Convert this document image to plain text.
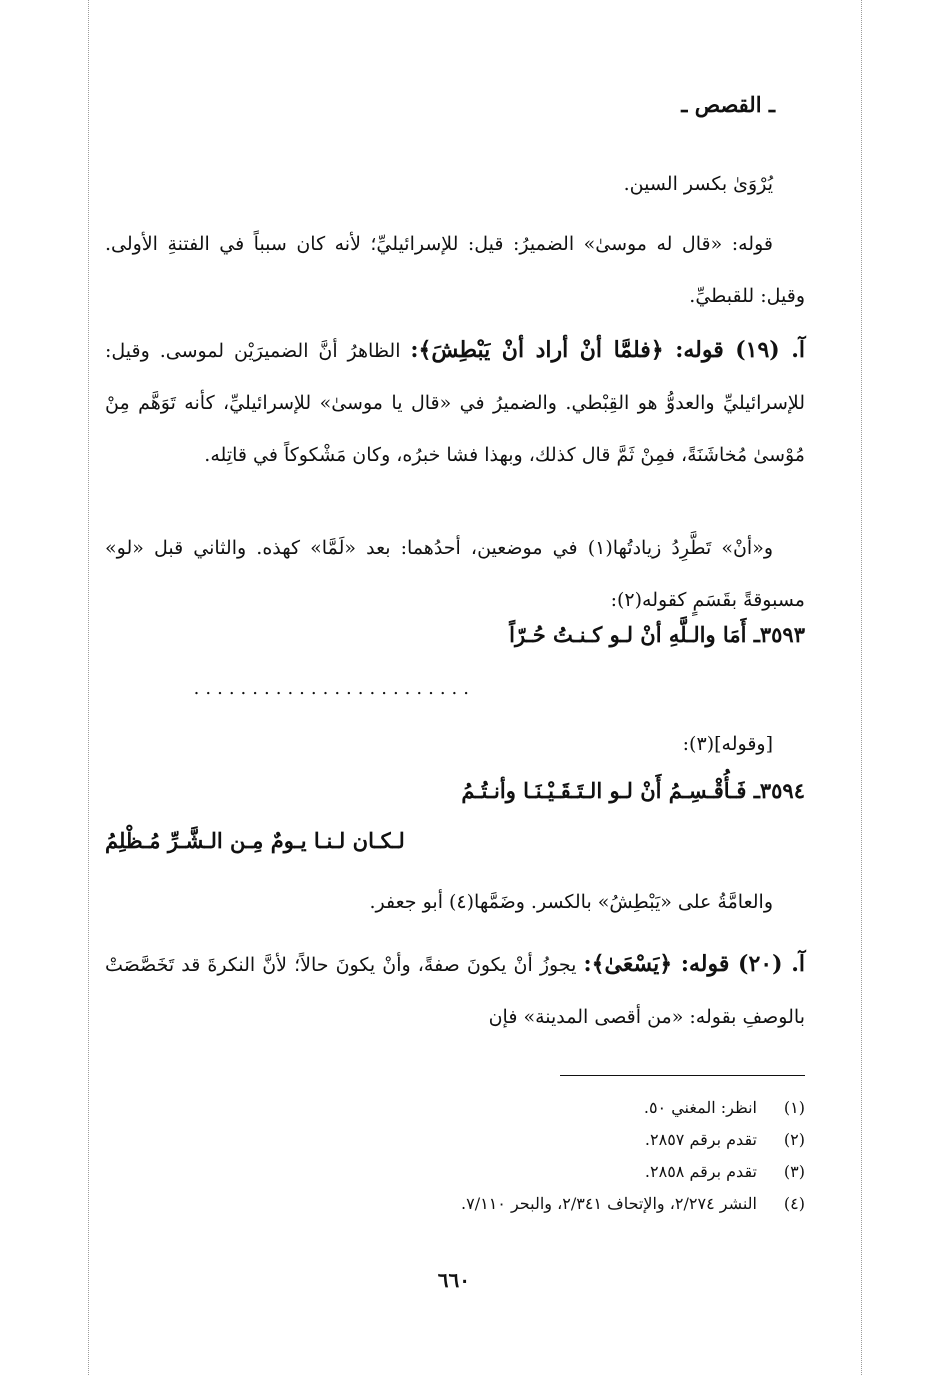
ـ القصص ـ
يُرْوَىٰ بكسر السين.
قوله: «قال له موسىٰ» الضميرُ: قيل: للإسرائيليِّ؛ لأنه كان سبباً في الفتنةِ الأولى. وقيل: للقبطيِّ.
آ. (١٩) قوله: ﴿فلمَّا أنْ أراد أنْ يَبْطِشَ﴾: الظاهرُ أنَّ الضميرَيْن لموسى. وقيل: للإسرائيليِّ والعدوُّ هو القِبْطي. والضميرُ في «قال يا موسىٰ» للإسرائيليِّ، كأنه تَوَهَّم مِنْ مُوْسىٰ مُخاشَنَةً، فمِنْ ثَمَّ قال كذلك، وبهذا فشا خبرُه، وكان مَشْكوكاً في قاتِله.
و«أنْ» تَطَّرِدُ زيادتُها(١) في موضعين، أحدُهما: بعد «لَمَّا» كهذه. والثاني قبل «لو» مسبوقةً بقَسَمٍ كقوله(٢):
٣٥٩٣ـ أَمَا والـلَّهِ أنْ لـو كـنـتُ حُـرّاً
........................
[وقوله](٣):
٣٥٩٤ـ فَـأُقْـسِـمُ أَنْ لـو الـتَـقَـيْـنَـا وأنـتُـمُ
لـكـان لـنـا يـومٌ مِـن الـشَّـرِّ مُـظْلِمُ
والعامَّةُ على «يَبْطِشُ» بالكسر. وضَمَّها(٤) أبو جعفر.
آ. (٢٠) قوله: ﴿يَسْعَىٰ﴾: يجوزُ أنْ يكونَ صفةً، وأنْ يكونَ حالاً؛ لأنَّ النكرةَ قد تَخَصَّصَتْ بالوصفِ بقوله: «من أقصى المدينة» فإن
(١)انظر: المغني ٥٠.
(٢)تقدم برقم ٢٨٥٧.
(٣)تقدم برقم ٢٨٥٨.
(٤)النشر ٢/٢٧٤، والإتحاف ٢/٣٤١، والبحر ٧/١١٠.
٦٦٠
